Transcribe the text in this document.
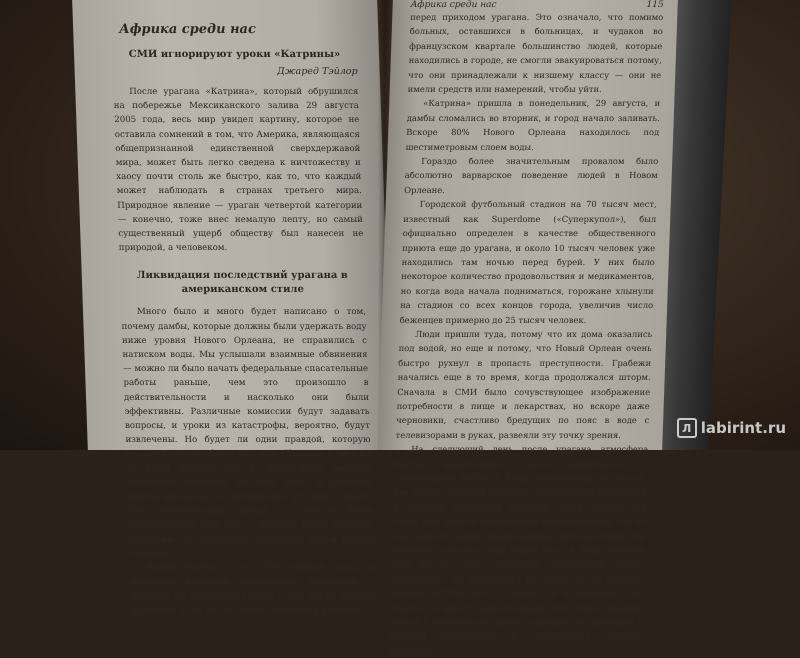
Африка среди нас
СМИ игнорируют уроки «Катрины»
Джаред Тэйлор

После урагана «Катрина», который обрушился на побережье Мексиканского залива 29 августа 2005 года, весь мир увидел картину, которое не оставила сомнений в том, что Америка, являющаяся общепризнанной единственной сверхдержавой мира, может быть легко сведена к ничтожеству и хаосу почти столь же быстро, как то, что каждый может наблюдать в странах третьего мира. Природное явление — ураган четвертой категории — конечно, тоже внес немалую лепту, но самый существенный ущерб обществу был нанесен не природой, а человеком.

Ликвидация последствий урагана в американском стиле

Много было и много будет написано о том, почему дамбы, которые должны были удержать воду ниже уровня Нового Орлеана, не справились с натиском воды. Мы услышали взаимные обвинения — можно ли было начать федеральные спасательные работы раньше, чем это произошло в действительности и насколько они были эффективны. Различные комиссии будут задавать вопросы, и уроки из катастрофы, вероятно, будут извлечены. Но будет ли одни правдой, которую оказался гораздо более опасным. Никакая комиссия не будет изучать его, а официальная Америка откажется извлекать из него урок. В процессе поиска виноватых в случившемся это было забыто. Этот человеческий провал — гораздо более значительный, чем тот, о котором будут говорить комиссии: это варварское поведение людей Нового Орлеана.

Новый Орлеан — на 67% черный город, и примерно половина черножского населения — беднота. Из населения города в 480 тысяч человек примерно от 80 до 100 тысяч оставались в городе

Африка среди нас	115

перед приходом урагана. Это означало, что помимо больных, оставшихся в больницах, и чудаков во французском квартале большинство людей, которые находились в городе, не смогли эвакуироваться потому, что они принадлежали к низшему классу — они не имели средств или намерений, чтобы уйти.

«Катрина» пришла в понедельник, 29 августа, и дамбы сломались во вторник, и город начало заливать. Вскоре 80% Нового Орлеана находилось под шестиметровым слоем воды.

Гораздо более значительным провалом было абсолютно варварское поведение людей в Новом Орлеане.

Городской футбольный стадион на 70 тысяч мест, известный как Superdome («Суперкупол»), был официально определен в качестве общественного приюта еще до урагана, и около 10 тысяч человек уже находились там ночью перед бурей. У них было некоторое количество продовольствия и медикаментов, но когда вода начала подниматься, горожане хлынули на стадион со всех концов города, увеличив число беженцев примерно до 25 тысяч человек.

Люди пришли туда, потому что их дома оказались под водой, но еще и потому, что Новый Орлеан очень быстро рухнул в пропасть преступности. Грабежи начались еще в то время, когда продолжался шторм. Сначала в СМИ было сочувствующее изображение потребности в пище и лекарствах, но вскоре даже черновики, счастливо бредущих по пояс в воде с телевизорами в руках, развеяли эту точку зрения.

На следующий день после урагана атмосфера быстро нарастающего хаоса наблюдалась в супермаркета Wal-Mart. Люди хватали вещи так быстро, как могли, разбивая витрины с ювелирными изделиями и загребая украшения горстями. Один человек так забил свой фургон электронным оборудованием, что не смог закрыть задние двери машины. Девочка-подросток потеряла сознание, упав лицом вниз, и люди потоком шли по ее спине. Мужчина остановился, чтобы перевернуть ее, перевернул на спину, но ее вырвало кровью. «F***ed up», — сказал он и перевернул ее обратно на живот. Корреспондент NBC описал черных, одетых в полицейскую форму, ходивших по проходам с другими грабителями и заполнявших тележки товарами.

Л labirint.ru
